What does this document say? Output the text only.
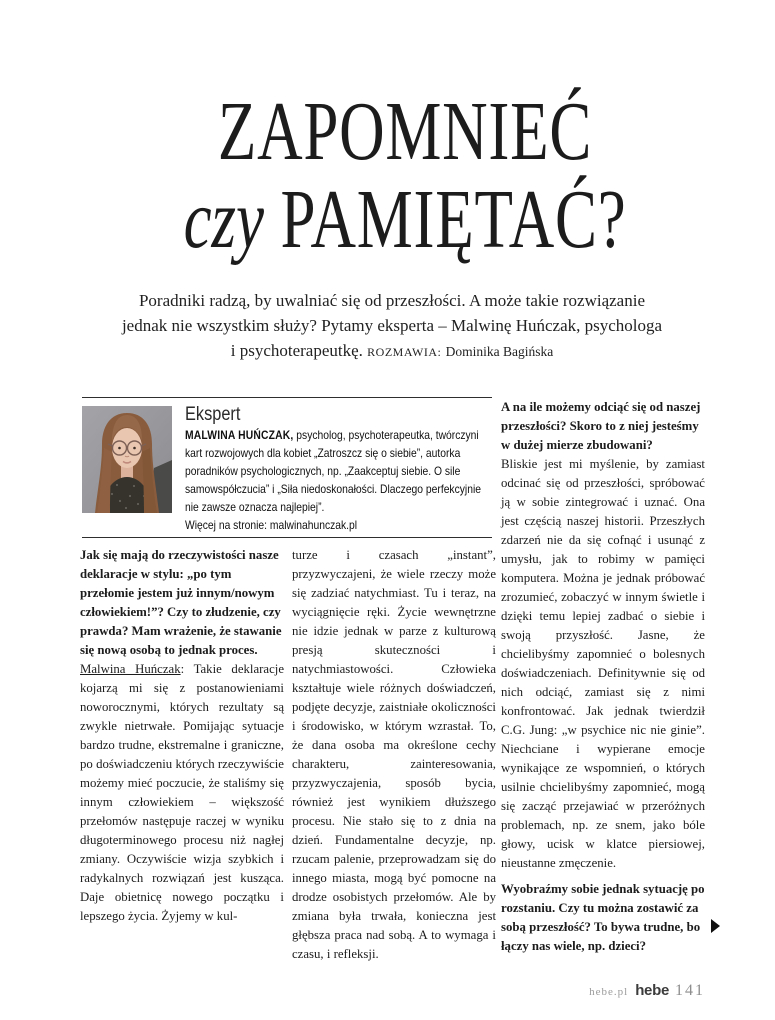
ZAPOMNIEĆ
czy PAMIĘTAĆ?
Poradniki radzą, by uwalniać się od przeszłości. A może takie rozwiązanie
jednak nie wszystkim służy? Pytamy eksperta – Malwinę Huńczak, psychologa
i psychoterapeutkę. ROZMAWIA: Dominika Bagińska
Ekspert

MALWINA HUŃCZAK, psycholog, psychoterapeutka, twórczyni kart rozwojowych dla kobiet „Zatroszcz się o siebie”, autorka poradników psychologicznych, np. „Zaakceptuj siebie. O sile samowspółczucia” i „Siła niedoskonałości. Dlaczego perfekcyjnie nie zawsze oznacza najlepiej”.

Więcej na stronie: malwinahunczak.pl

Jak się mają do rzeczywistości nasze deklaracje w stylu: „po tym przełomie jestem już innym/nowym człowiekiem!”? Czy to złudzenie, czy prawda? Mam wrażenie, że stawanie się nową osobą to jednak proces.

Malwina Huńczak: Takie deklaracje kojarzą mi się z postanowieniami noworocznymi, których rezultaty są zwykle nietrwałe. Pomijając sytuacje bardzo trudne, ekstremalne i graniczne, po doświadczeniu których rzeczywiście możemy mieć poczucie, że staliśmy się innym człowiekiem – większość przełomów następuje raczej w wyniku długoterminowego procesu niż nagłej zmiany. Oczywiście wizja szybkich i radykalnych rozwiązań jest kusząca. Daje obietnicę nowego początku i lepszego życia. Żyjemy w kul-

turze i czasach „instant”, przyzwyczajeni, że wiele rzeczy może się zadziać natychmiast. Tu i teraz, na wyciągnięcie ręki. Życie wewnętrzne nie idzie jednak w parze z kulturową presją skuteczności i natychmiastowości. Człowieka kształtuje wiele różnych doświadczeń, podjęte decyzje, zaistniałe okoliczności i środowisko, w którym wzrastał. To, że dana osoba ma określone cechy charakteru, zainteresowania, przyzwyczajenia, sposób bycia, również jest wynikiem dłuższego procesu. Nie stało się to z dnia na dzień. Fundamentalne decyzje, np. rzucam palenie, przeprowadzam się do innego miasta, mogą być pomocne na drodze osobistych przełomów. Ale by zmiana była trwała, konieczna jest głębsza praca nad sobą. A to wymaga i czasu, i refleksji.

A na ile możemy odciąć się od naszej przeszłości? Skoro to z niej jesteśmy w dużej mierze zbudowani?

Bliskie jest mi myślenie, by zamiast odcinać się od przeszłości, spróbować ją w sobie zintegrować i uznać. Ona jest częścią naszej historii. Przeszłych zdarzeń nie da się cofnąć i usunąć z umysłu, jak to robimy w pamięci komputera. Można je jednak próbować zrozumieć, zobaczyć w innym świetle i dzięki temu lepiej zadbać o siebie i swoją przyszłość. Jasne, że chcielibyśmy zapomnieć o bolesnych doświadczeniach. Definitywnie się od nich odciąć, zamiast się z nimi konfrontować. Jak jednak twierdził C.G. Jung: „w psychice nic nie ginie”. Niechciane i wypierane emocje wynikające ze wspomnień, o których usilnie chcielibyśmy zapomnieć, mogą się zacząć przejawiać w przeróżnych problemach, np. ze snem, jako bóle głowy, ucisk w klatce piersiowej, nieustanne zmęczenie.

Wyobraźmy sobie jednak sytuację po rozstaniu. Czy tu można zostawić za sobą przeszłość? To bywa trudne, bo łączy nas wiele, np. dzieci?

hebe.pl hebe 141
